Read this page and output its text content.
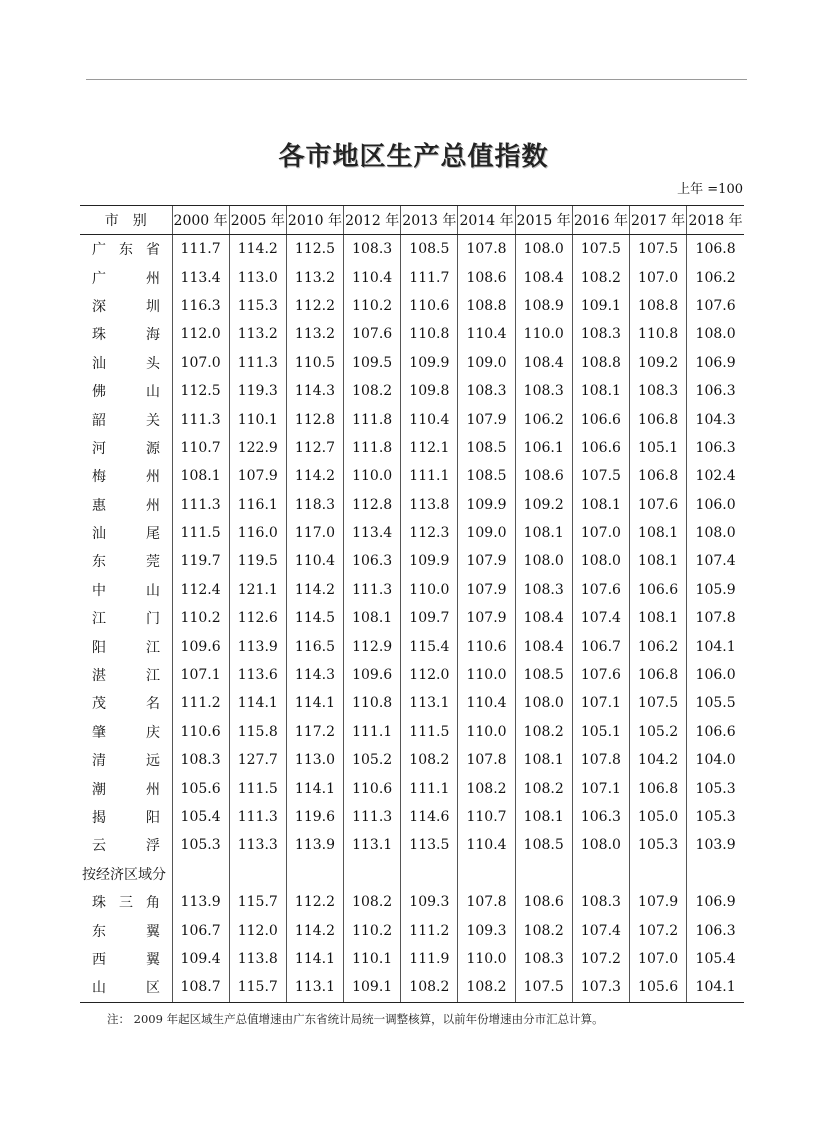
各市地区生产总值指数
上年 =100
市　别	2000 年	2005 年	2010 年	2012 年	2013 年	2014 年	2015 年	2016 年	2017 年	2018 年
广东省	111.7	114.2	112.5	108.3	108.5	107.8	108.0	107.5	107.5	106.8
广州	113.4	113.0	113.2	110.4	111.7	108.6	108.4	108.2	107.0	106.2
深圳	116.3	115.3	112.2	110.2	110.6	108.8	108.9	109.1	108.8	107.6
珠海	112.0	113.2	113.2	107.6	110.8	110.4	110.0	108.3	110.8	108.0
汕头	107.0	111.3	110.5	109.5	109.9	109.0	108.4	108.8	109.2	106.9
佛山	112.5	119.3	114.3	108.2	109.8	108.3	108.3	108.1	108.3	106.3
韶关	111.3	110.1	112.8	111.8	110.4	107.9	106.2	106.6	106.8	104.3
河源	110.7	122.9	112.7	111.8	112.1	108.5	106.1	106.6	105.1	106.3
梅州	108.1	107.9	114.2	110.0	111.1	108.5	108.6	107.5	106.8	102.4
惠州	111.3	116.1	118.3	112.8	113.8	109.9	109.2	108.1	107.6	106.0
汕尾	111.5	116.0	117.0	113.4	112.3	109.0	108.1	107.0	108.1	108.0
东莞	119.7	119.5	110.4	106.3	109.9	107.9	108.0	108.0	108.1	107.4
中山	112.4	121.1	114.2	111.3	110.0	107.9	108.3	107.6	106.6	105.9
江门	110.2	112.6	114.5	108.1	109.7	107.9	108.4	107.4	108.1	107.8
阳江	109.6	113.9	116.5	112.9	115.4	110.6	108.4	106.7	106.2	104.1
湛江	107.1	113.6	114.3	109.6	112.0	110.0	108.5	107.6	106.8	106.0
茂名	111.2	114.1	114.1	110.8	113.1	110.4	108.0	107.1	107.5	105.5
肇庆	110.6	115.8	117.2	111.1	111.5	110.0	108.2	105.1	105.2	106.6
清远	108.3	127.7	113.0	105.2	108.2	107.8	108.1	107.8	104.2	104.0
潮州	105.6	111.5	114.1	110.6	111.1	108.2	108.2	107.1	106.8	105.3
揭阳	105.4	111.3	119.6	111.3	114.6	110.7	108.1	106.3	105.0	105.3
云浮	105.3	113.3	113.9	113.1	113.5	110.4	108.5	108.0	105.3	103.9
按经济区域分										
珠三角	113.9	115.7	112.2	108.2	109.3	107.8	108.6	108.3	107.9	106.9
东翼	106.7	112.0	114.2	110.2	111.2	109.3	108.2	107.4	107.2	106.3
西翼	109.4	113.8	114.1	110.1	111.9	110.0	108.3	107.2	107.0	105.4
山区	108.7	115.7	113.1	109.1	108.2	108.2	107.5	107.3	105.6	104.1
注： 2009 年起区域生产总值增速由广东省统计局统一调整核算，以前年份增速由分市汇总计算。
